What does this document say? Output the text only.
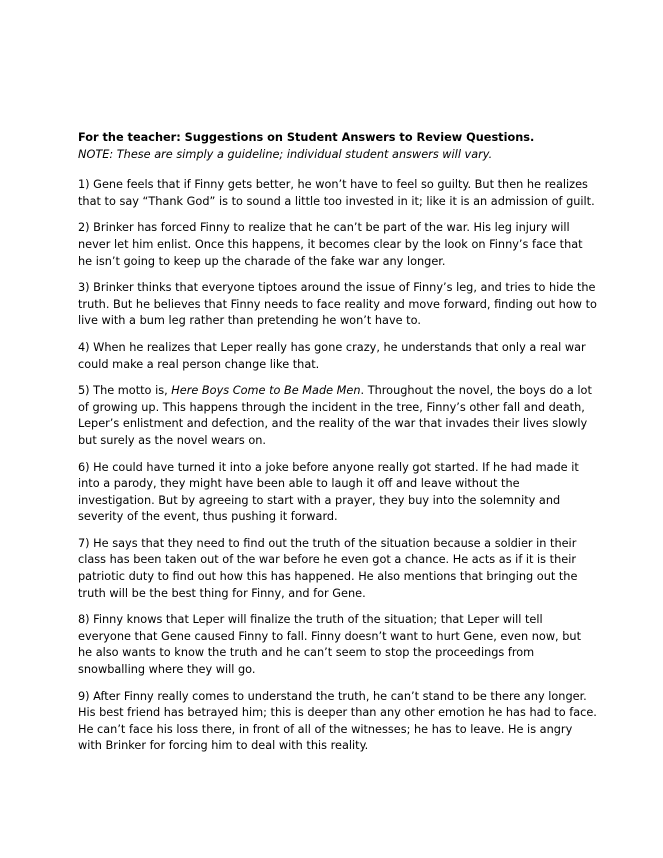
For the teacher: Suggestions on Student Answers to Review Questions.

NOTE: These are simply a guideline; individual student answers will vary.

1) Gene feels that if Finny gets better, he won’t have to feel so guilty. But then he realizes that to say “Thank God” is to sound a little too invested in it; like it is an admission of guilt.

2) Brinker has forced Finny to realize that he can’t be part of the war. His leg injury will never let him enlist. Once this happens, it becomes clear by the look on Finny’s face that he isn’t going to keep up the charade of the fake war any longer.

3) Brinker thinks that everyone tiptoes around the issue of Finny’s leg, and tries to hide the truth. But he believes that Finny needs to face reality and move forward, finding out how to live with a bum leg rather than pretending he won’t have to.

4) When he realizes that Leper really has gone crazy, he understands that only a real war could make a real person change like that.

5) The motto is, Here Boys Come to Be Made Men. Throughout the novel, the boys do a lot of growing up. This happens through the incident in the tree, Finny’s other fall and death, Leper’s enlistment and defection, and the reality of the war that invades their lives slowly but surely as the novel wears on.

6) He could have turned it into a joke before anyone really got started. If he had made it into a parody, they might have been able to laugh it off and leave without the investigation. But by agreeing to start with a prayer, they buy into the solemnity and severity of the event, thus pushing it forward.

7) He says that they need to find out the truth of the situation because a soldier in their class has been taken out of the war before he even got a chance. He acts as if it is their patriotic duty to find out how this has happened. He also mentions that bringing out the truth will be the best thing for Finny, and for Gene.

8) Finny knows that Leper will finalize the truth of the situation; that Leper will tell everyone that Gene caused Finny to fall. Finny doesn’t want to hurt Gene, even now, but he also wants to know the truth and he can’t seem to stop the proceedings from snowballing where they will go.

9) After Finny really comes to understand the truth, he can’t stand to be there any longer. His best friend has betrayed him; this is deeper than any other emotion he has had to face. He can’t face his loss there, in front of all of the witnesses; he has to leave. He is angry with Brinker for forcing him to deal with this reality.
